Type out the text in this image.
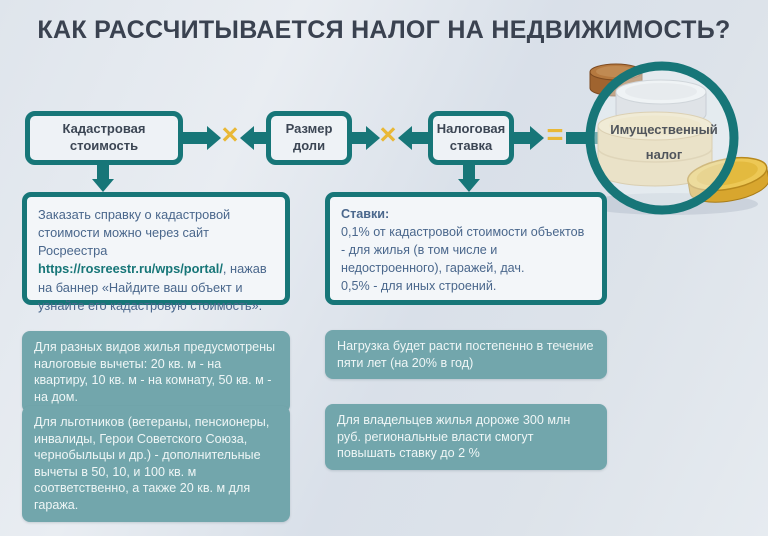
КАК РАССЧИТЫВАЕТСЯ НАЛОГ НА НЕДВИЖИМОСТЬ?
Кадастровая стоимость	×	Размер доли	×	Налоговая ставка	=	Имущественный налог
Заказать справку о кадастровой стоимости можно через сайт Росреестра https://rosreestr.ru/wps/portal/, нажав на баннер «Найдите ваш объект и узнайте его кадастровую стоимость».
Ставки:
0,1% от кадастровой стоимости объектов - для жилья (в том числе и недостроенного), гаражей, дач.
0,5% - для иных строений.
Для разных видов жилья предусмотрены налоговые вычеты: 20 кв. м - на квартиру, 10 кв. м - на комнату, 50 кв. м - на дом.
Нагрузка будет расти постепенно в течение пяти лет (на 20% в год)
Для льготников (ветераны, пенсионеры, инвалиды, Герои Советского Союза, чернобыльцы и др.) - дополнительные вычеты в 50, 10, и 100 кв. м соответственно, а также 20 кв. м для гаража.
Для владельцев жилья дороже 300 млн руб. региональные власти смогут повышать ставку до 2 %
